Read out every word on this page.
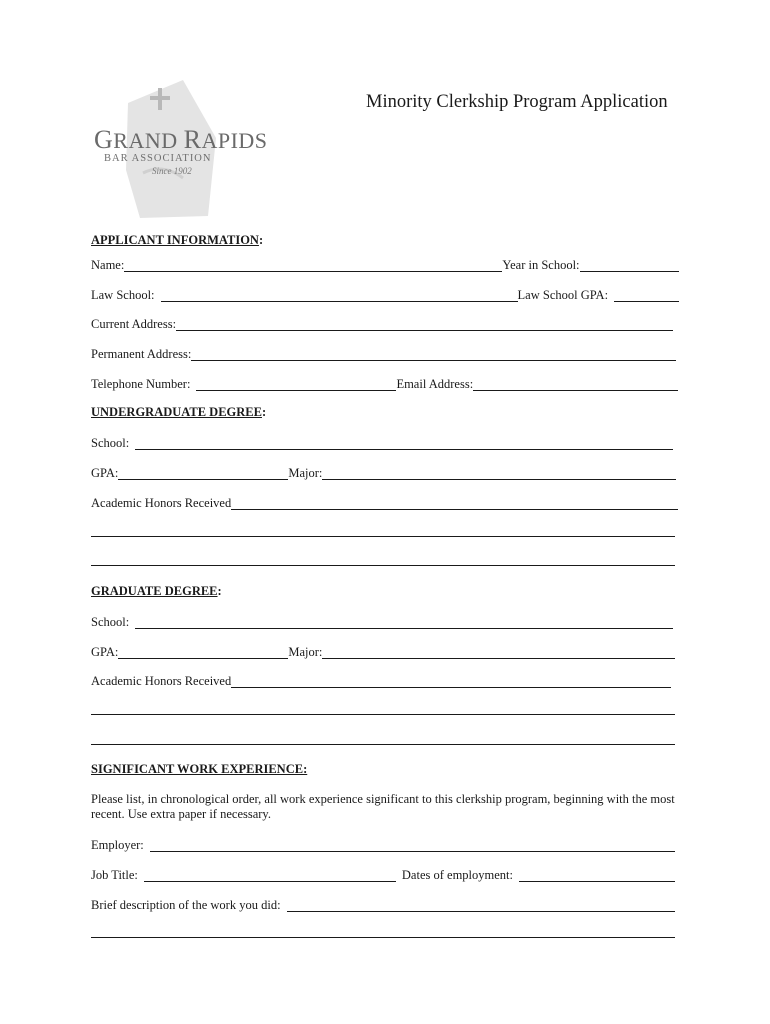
GRAND RAPIDS
BAR ASSOCIATION
Since 1902
Minority Clerkship Program Application
APPLICANT INFORMATION:
Name:	Year in School:
Law School:	Law School GPA:
Current Address:
Permanent Address:
Telephone Number:	Email Address:
UNDERGRADUATE DEGREE:
School:
GPA:	Major:
Academic Honors Received
GRADUATE DEGREE:
School:
GPA:	Major:
Academic Honors Received
SIGNIFICANT WORK EXPERIENCE:
Please list, in chronological order, all work experience significant to this clerkship program, beginning with the most recent. Use extra paper if necessary.
Employer:
Job Title:	Dates of employment:
Brief description of the work you did:
